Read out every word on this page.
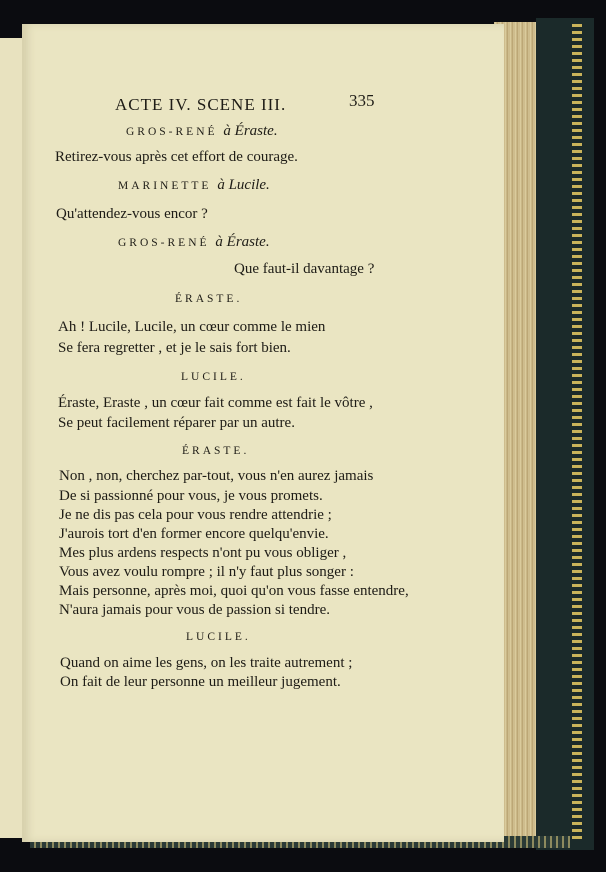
ACTE IV. SCENE III.	335
GROS-RENÉ à Éraste.
Retirez-vous après cet effort de courage.
MARINETTE à Lucile.
Qu'attendez-vous encor ?
GROS-RENÉ à Éraste.
Que faut-il davantage ?
ÉRASTE.
Ah ! Lucile, Lucile, un cœur comme le mien
Se fera regretter , et je le sais fort bien.
LUCILE.
Éraste, Eraste , un cœur fait comme est fait le vôtre ,
Se peut facilement réparer par un autre.
ÉRASTE.
Non , non, cherchez par-tout, vous n'en aurez jamais
De si passionné pour vous, je vous promets.
Je ne dis pas cela pour vous rendre attendrie ;
J'aurois tort d'en former encore quelqu'envie.
Mes plus ardens respects n'ont pu vous obliger ,
Vous avez voulu rompre ; il n'y faut plus songer :
Mais personne, après moi, quoi qu'on vous fasse entendre,
N'aura jamais pour vous de passion si tendre.
LUCILE.
Quand on aime les gens, on les traite autrement ;
On fait de leur personne un meilleur jugement.
